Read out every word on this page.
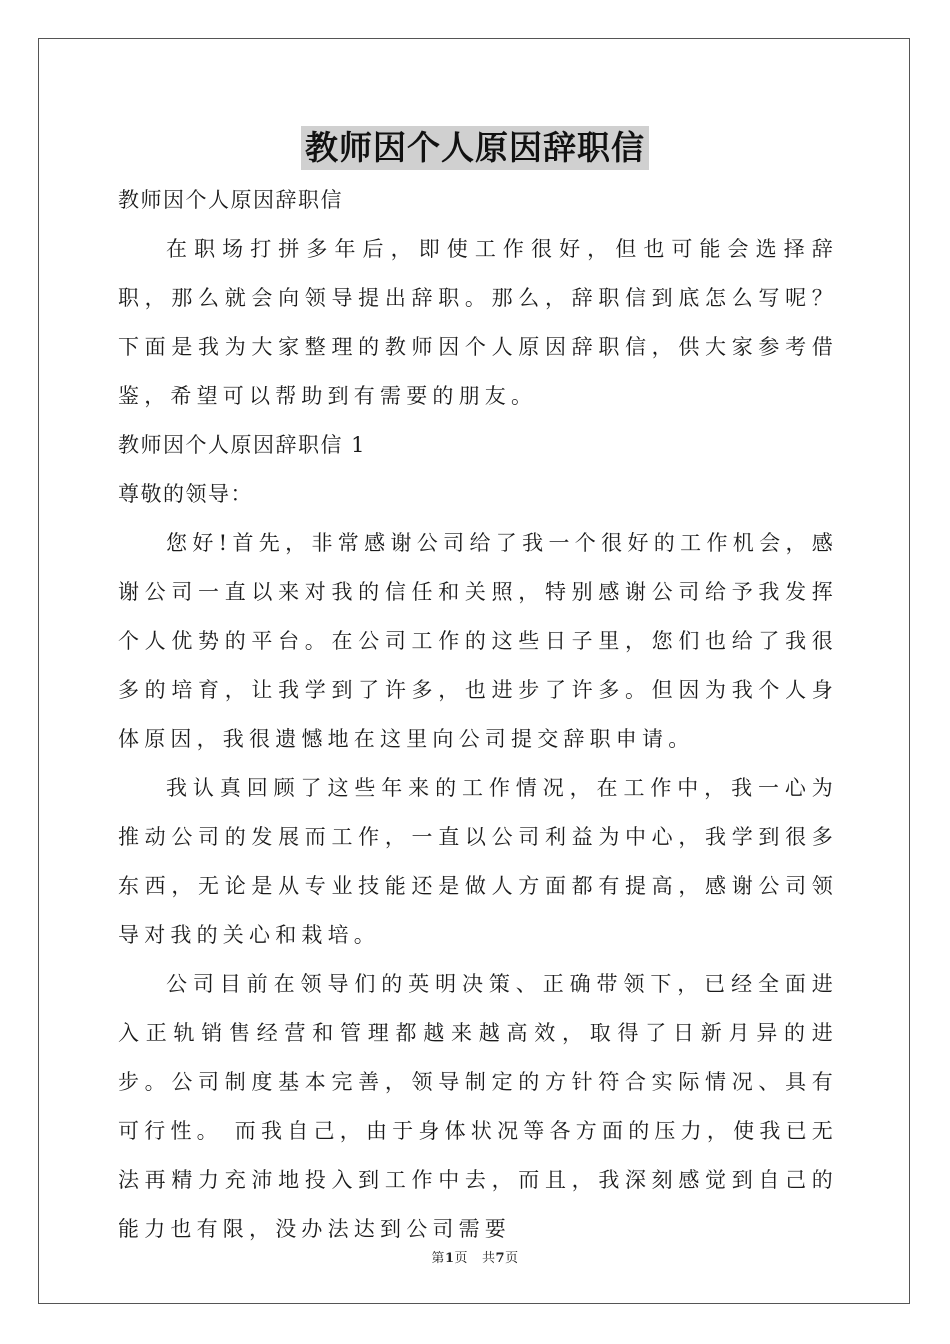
教师因个人原因辞职信

教师因个人原因辞职信

在职场打拼多年后，即使工作很好，但也可能会选择辞职，那么就会向领导提出辞职。那么，辞职信到底怎么写呢？下面是我为大家整理的教师因个人原因辞职信，供大家参考借鉴，希望可以帮助到有需要的朋友。

教师因个人原因辞职信 1

尊敬的领导：

您好!首先，非常感谢公司给了我一个很好的工作机会，感谢公司一直以来对我的信任和关照，特别感谢公司给予我发挥个人优势的平台。在公司工作的这些日子里，您们也给了我很多的培育，让我学到了许多，也进步了许多。但因为我个人身体原因，我很遗憾地在这里向公司提交辞职申请。

我认真回顾了这些年来的工作情况，在工作中，我一心为推动公司的发展而工作，一直以公司利益为中心，我学到很多东西，无论是从专业技能还是做人方面都有提高，感谢公司领导对我的关心和栽培。

公司目前在领导们的英明决策、正确带领下，已经全面进入正轨销售经营和管理都越来越高效，取得了日新月异的进步。公司制度基本完善，领导制定的方针符合实际情况、具有可行性。 而我自己，由于身体状况等各方面的压力，使我已无法再精力充沛地投入到工作中去，而且，我深刻感觉到自己的能力也有限，没办法达到公司需要

第1页 共7页
